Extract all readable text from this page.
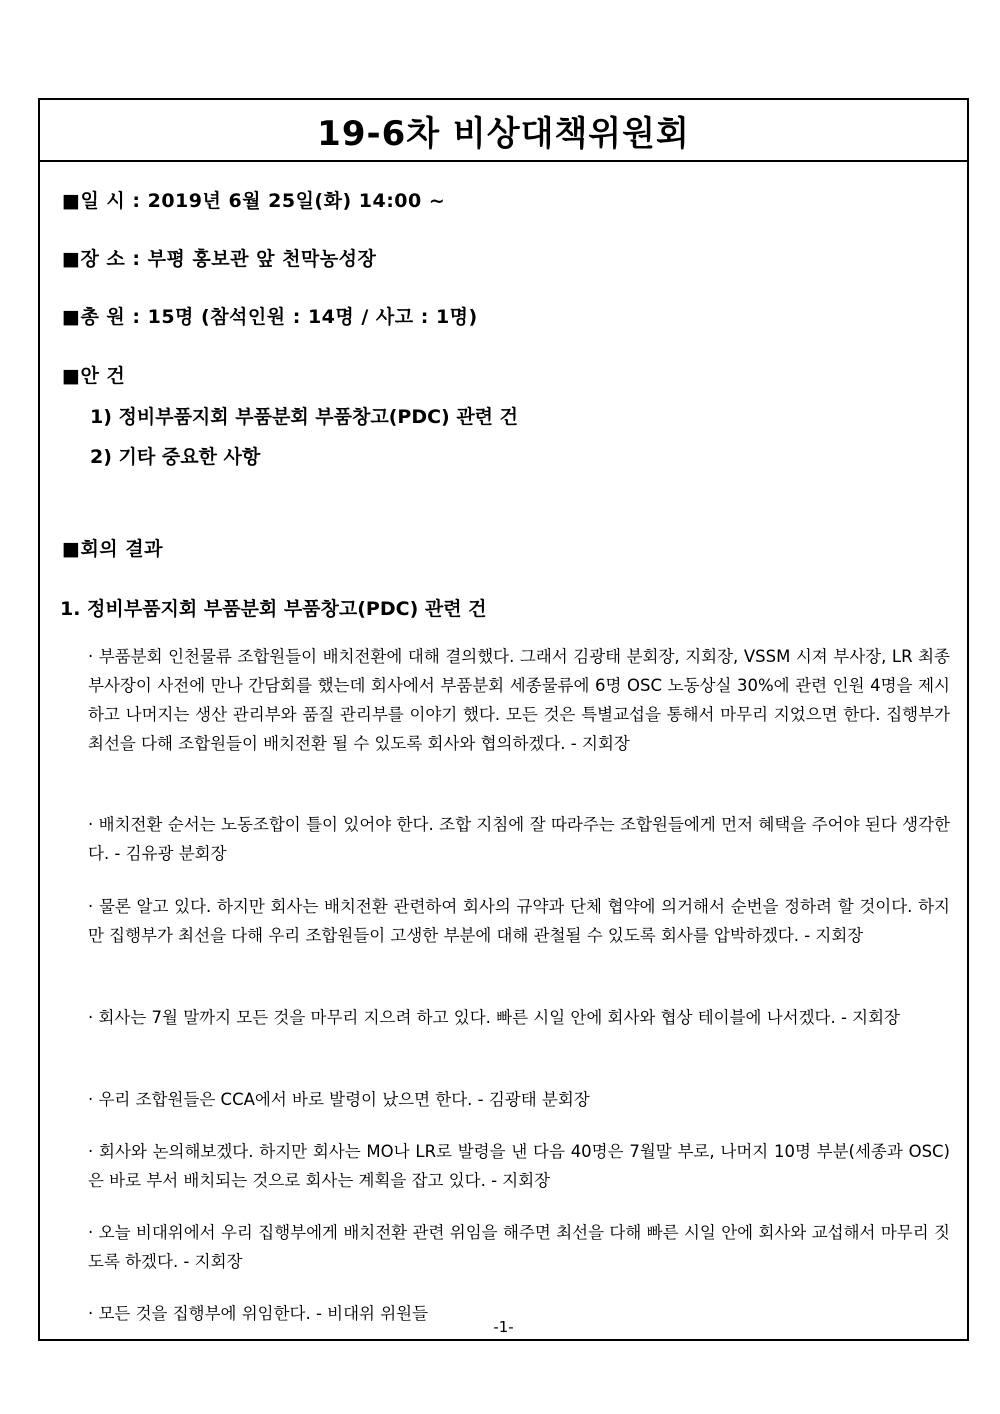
19-6차 비상대책위원회
■일 시 : 2019년 6월 25일(화) 14:00 ~
■장 소 : 부평 홍보관 앞 천막농성장
■총 원 : 15명 (참석인원 : 14명 / 사고 : 1명)
■안 건
1) 정비부품지회 부품분회 부품창고(PDC) 관련 건
2) 기타 중요한 사항
■회의 결과
1. 정비부품지회 부품분회 부품창고(PDC) 관련 건

· 부품분회 인천물류 조합원들이 배치전환에 대해 결의했다. 그래서 김광태 분회장, 지회장, VSSM 시져 부사장, LR 최종 부사장이 사전에 만나 간담회를 했는데 회사에서 부품분회 세종물류에 6명 OSC 노동상실 30%에 관련 인원 4명을 제시하고 나머지는 생산 관리부와 품질 관리부를 이야기 했다. 모든 것은 특별교섭을 통해서 마무리 지었으면 한다. 집행부가 최선을 다해 조합원들이 배치전환 될 수 있도록 회사와 협의하겠다. - 지회장

· 배치전환 순서는 노동조합이 틀이 있어야 한다. 조합 지침에 잘 따라주는 조합원들에게 먼저 혜택을 주어야 된다 생각한다. - 김유광 분회장

· 물론 알고 있다. 하지만 회사는 배치전환 관련하여 회사의 규약과 단체 협약에 의거해서 순번을 정하려 할 것이다. 하지만 집행부가 최선을 다해 우리 조합원들이 고생한 부분에 대해 관철될 수 있도록 회사를 압박하겠다. - 지회장

· 회사는 7월 말까지 모든 것을 마무리 지으려 하고 있다. 빠른 시일 안에 회사와 협상 테이블에 나서겠다. - 지회장

· 우리 조합원들은 CCA에서 바로 발령이 났으면 한다. - 김광태 분회장

· 회사와 논의해보겠다. 하지만 회사는 MO나 LR로 발령을 낸 다음 40명은 7월말 부로, 나머지 10명 부분(세종과 OSC)은 바로 부서 배치되는 것으로 회사는 계획을 잡고 있다. - 지회장

· 오늘 비대위에서 우리 집행부에게 배치전환 관련 위임을 해주면 최선을 다해 빠른 시일 안에 회사와 교섭해서 마무리 짓도록 하겠다. - 지회장

· 모든 것을 집행부에 위임한다. - 비대위 위원들

-1-
